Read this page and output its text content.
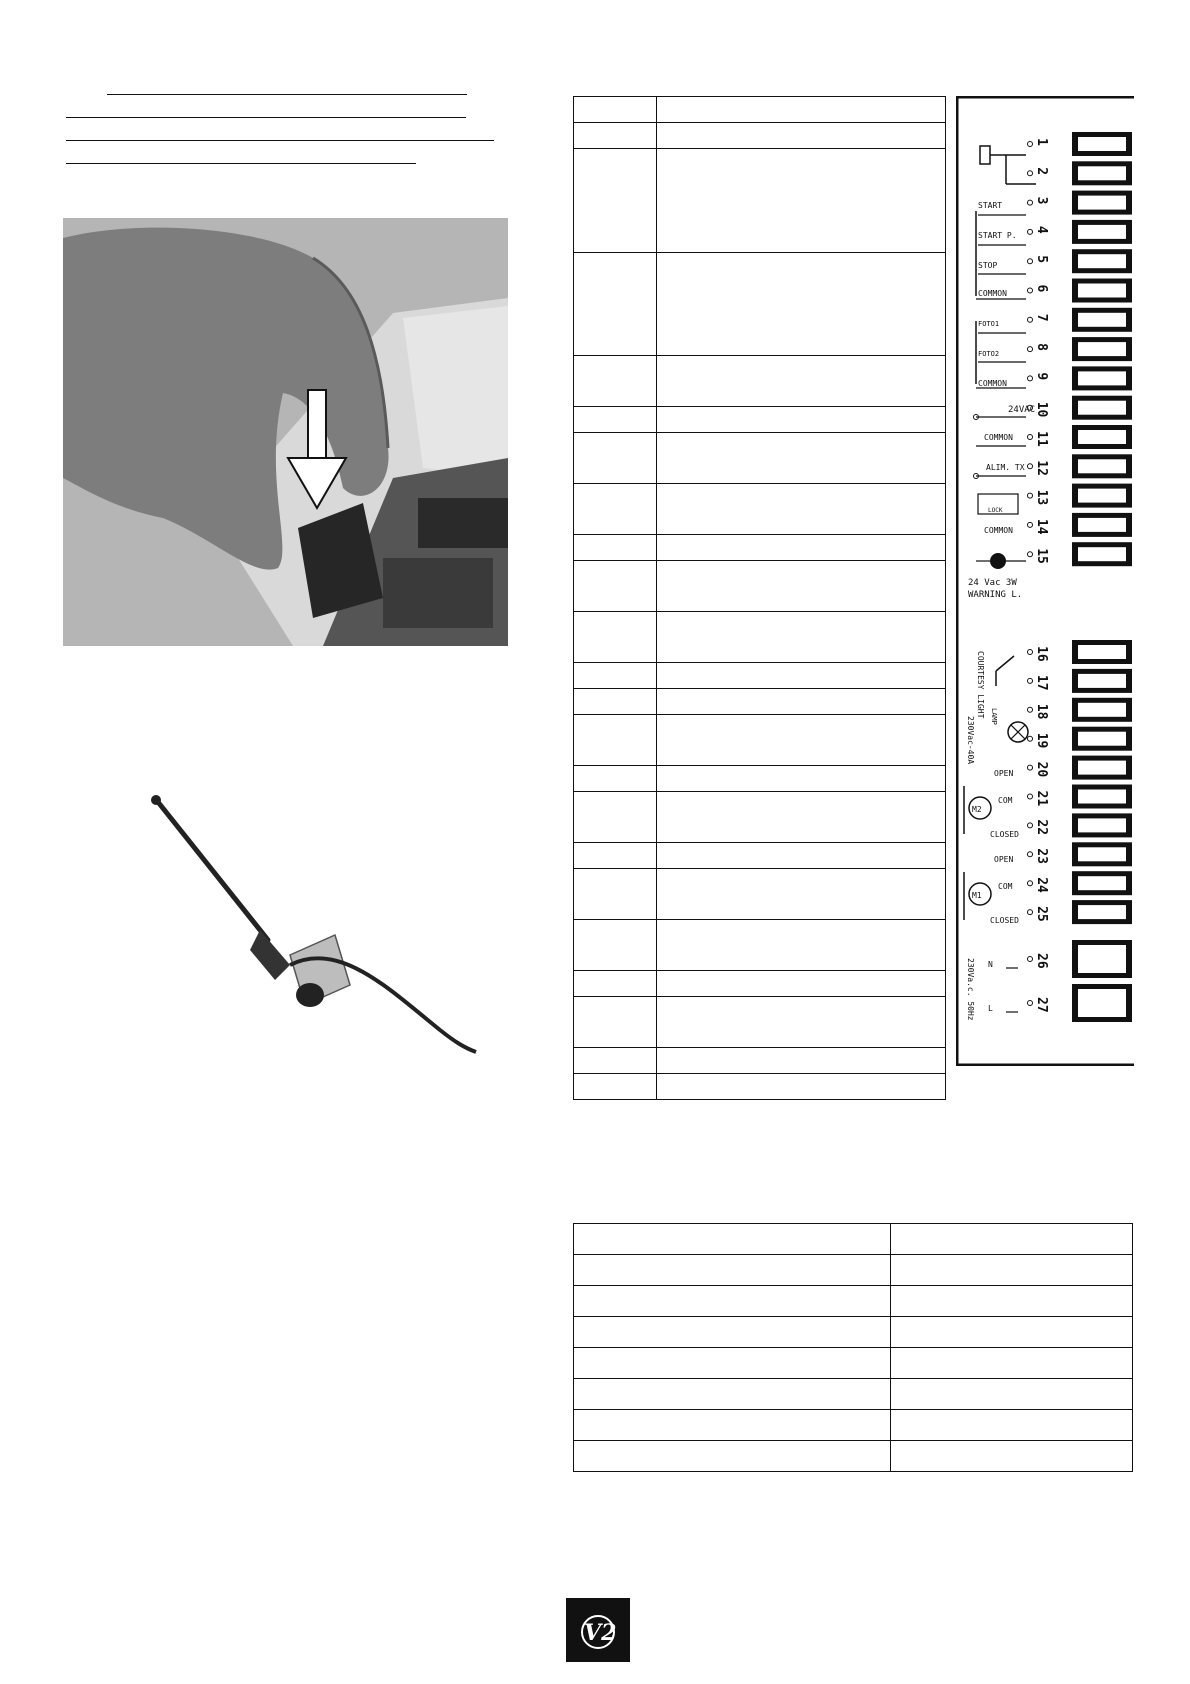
1
2
3
4
5
6
7
8
9
10
11
12
13
14
15
16
17
18
19
20
21
22
23
24
25
26
27
START
START P.
STOP
COMMON
FOTO1
FOTO2
COMMON
24VAC
COMMON
ALIM. TX
LOCK
COMMON
24 Vac 3W
WARNING L.
COURTESY LIGHT
230Vac-40A LAMP
OPEN
COM
CLOSED
M2
OPEN
COM
CLOSED
M1
230Va.c. 50Hz N
L

V2
